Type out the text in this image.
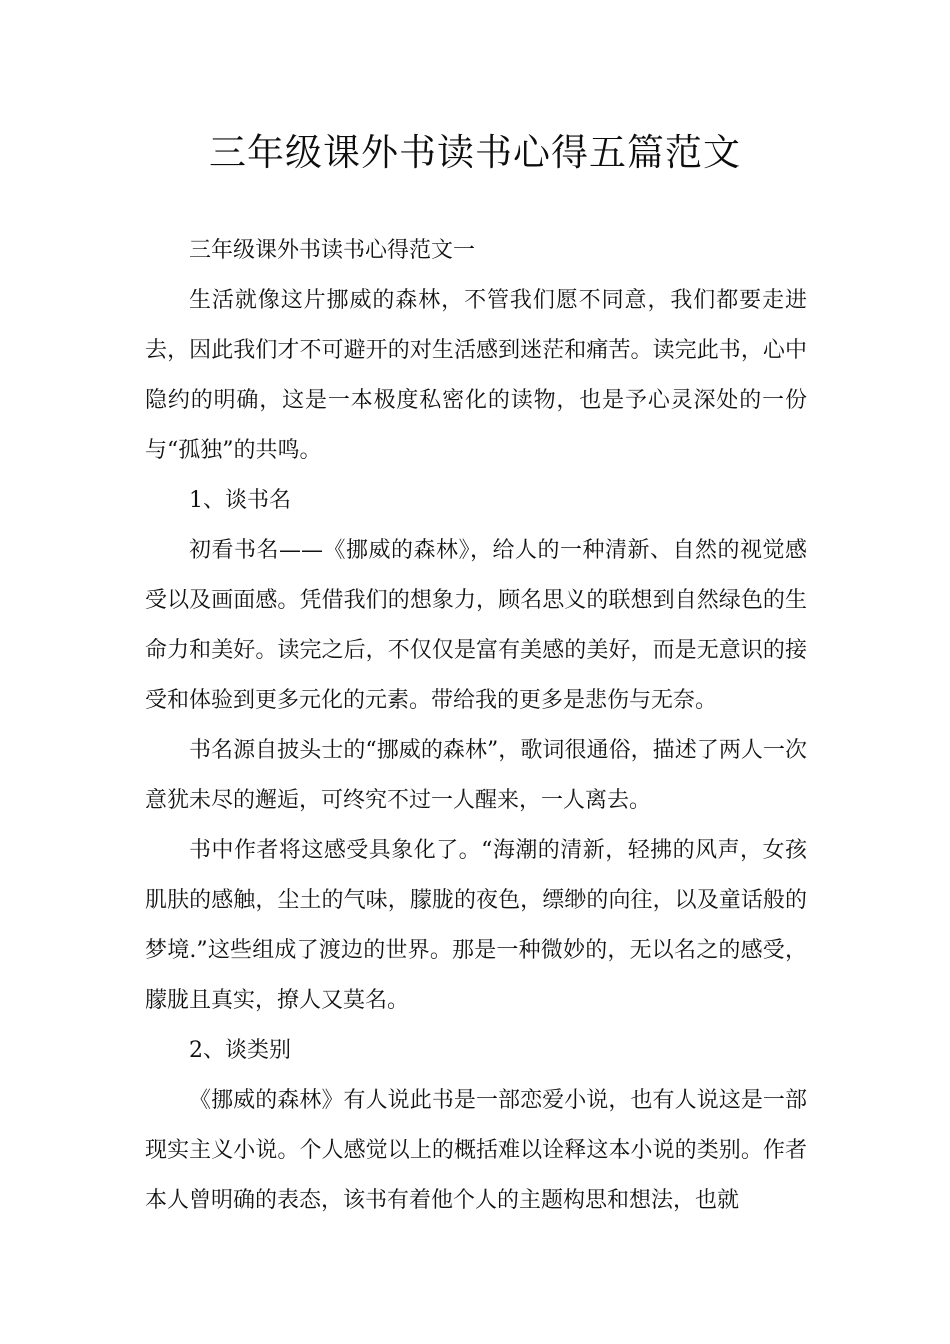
三年级课外书读书心得五篇范文

三年级课外书读书心得范文一

生活就像这片挪威的森林，不管我们愿不同意，我们都要走进去，因此我们才不可避开的对生活感到迷茫和痛苦。读完此书，心中隐约的明确，这是一本极度私密化的读物，也是予心灵深处的一份与“孤独”的共鸣。

1、谈书名

初看书名——《挪威的森林》，给人的一种清新、自然的视觉感受以及画面感。凭借我们的想象力，顾名思义的联想到自然绿色的生命力和美好。读完之后，不仅仅是富有美感的美好，而是无意识的接受和体验到更多元化的元素。带给我的更多是悲伤与无奈。

书名源自披头士的“挪威的森林”，歌词很通俗，描述了两人一次意犹未尽的邂逅，可终究不过一人醒来，一人离去。

书中作者将这感受具象化了。“海潮的清新，轻拂的风声，女孩肌肤的感触，尘土的气味，朦胧的夜色，缥缈的向往，以及童话般的梦境.”这些组成了渡边的世界。那是一种微妙的，无以名之的感受，朦胧且真实，撩人又莫名。

2、谈类别

《挪威的森林》有人说此书是一部恋爱小说，也有人说这是一部现实主义小说。个人感觉以上的概括难以诠释这本小说的类别。作者本人曾明确的表态，该书有着他个人的主题构思和想法，也就
